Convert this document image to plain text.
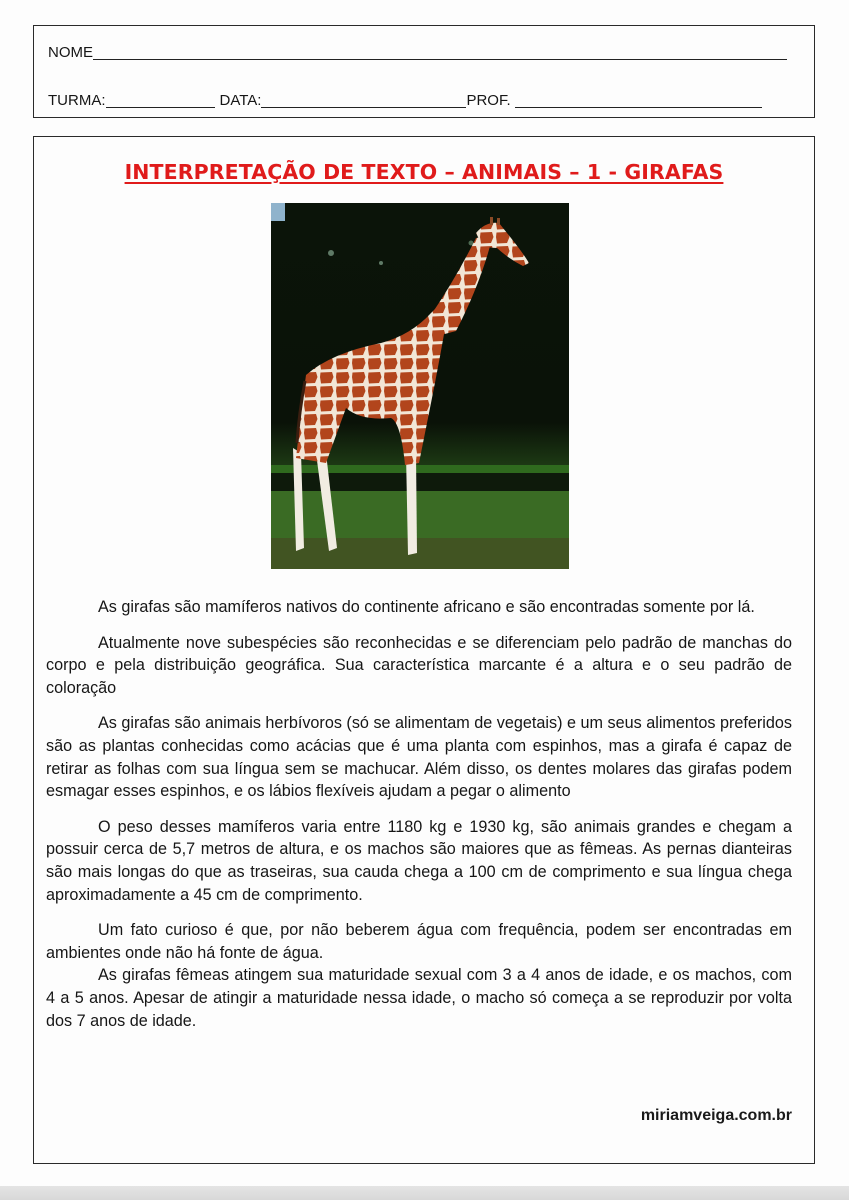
NOME
TURMA:	DATA:	PROF.
INTERPRETAÇÃO DE TEXTO – ANIMAIS – 1 - GIRAFAS

As girafas são mamíferos nativos do continente africano e são encontradas somente por lá.

Atualmente nove subespécies são reconhecidas e se diferenciam pelo padrão de manchas do corpo e pela distribuição geográfica. Sua característica marcante é a altura e o seu padrão de coloração

As girafas são animais herbívoros (só se alimentam de vegetais) e um seus alimentos preferidos são as plantas conhecidas como acácias que é uma planta com espinhos, mas a girafa é capaz de retirar as folhas com sua língua sem se machucar. Além disso, os dentes molares das girafas podem esmagar esses espinhos, e os lábios flexíveis ajudam a pegar o alimento

O peso desses mamíferos varia entre 1180 kg e 1930 kg, são animais grandes e chegam a possuir cerca de 5,7 metros de altura, e os machos são maiores que as fêmeas. As pernas dianteiras são mais longas do que as traseiras, sua cauda chega a 100 cm de comprimento e sua língua chega aproximadamente a 45 cm de comprimento.

Um fato curioso é que, por não beberem água com frequência, podem ser encontradas em ambientes onde não há fonte de água.

As girafas fêmeas atingem sua maturidade sexual com 3 a 4 anos de idade, e os machos, com 4 a 5 anos. Apesar de atingir a maturidade nessa idade, o macho só começa a se reproduzir por volta dos 7 anos de idade.

miriamveiga.com.br
